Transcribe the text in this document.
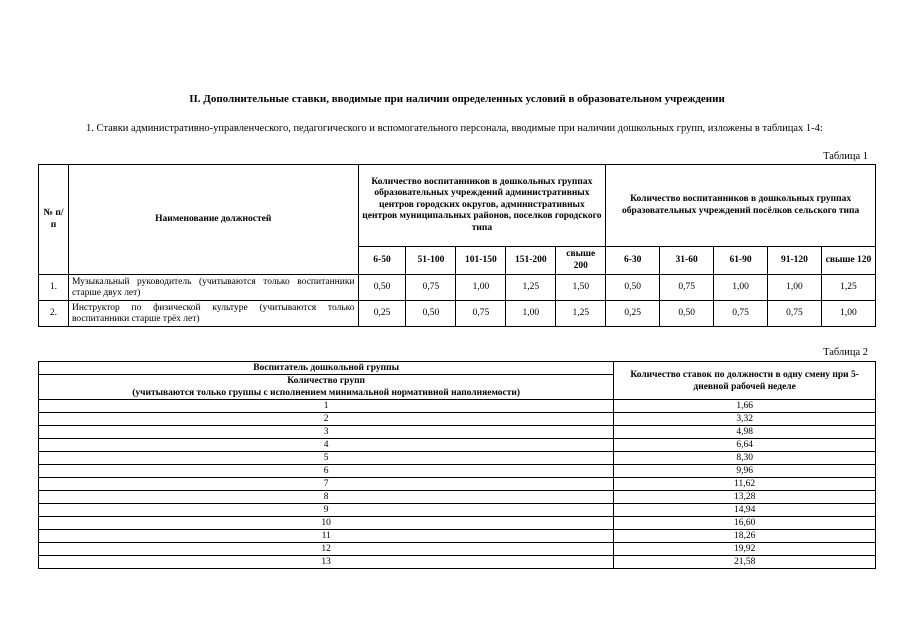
II. Дополнительные ставки, вводимые при наличии определенных условий в образовательном учреждении
1. Ставки административно-управленческого, педагогического и вспомогательного персонала, вводимые при наличии дошкольных групп, изложены в таблицах 1-4:
Таблица 1
№ п/п	Наименование должностей	Количество воспитанников в дошкольных группах образовательных учреждений административных центров городских округов, административных центров муниципальных районов, поселков городского типа					Количество воспитанников в дошкольных группах образовательных учреждений посёлков сельского типа				
		6-50	51-100	101-150	151-200	свыше 200	6-30	31-60	61-90	91-120	свыше 120
1.	Музыкальный руководитель (учитываются только воспитанники старше двух лет)	0,50	0,75	1,00	1,25	1,50	0,50	0,75	1,00	1,00	1,25
2.	Инструктор по физической культуре (учитываются только воспитанники старше трёх лет)	0,25	0,50	0,75	1,00	1,25	0,25	0,50	0,75	0,75	1,00
Таблица 2
Воспитатель дошкольной группы	Количество ставок по должности в одну смену при 5-дневной рабочей неделе

Количество групп
(учитываются только группы с исполнением минимальной нормативной наполняемости)	

1	1,66
2	3,32
3	4,98
4	6,64
5	8,30
6	9,96
7	11,62
8	13,28
9	14,94
10	16,60
11	18,26
12	19,92
13	21,58
